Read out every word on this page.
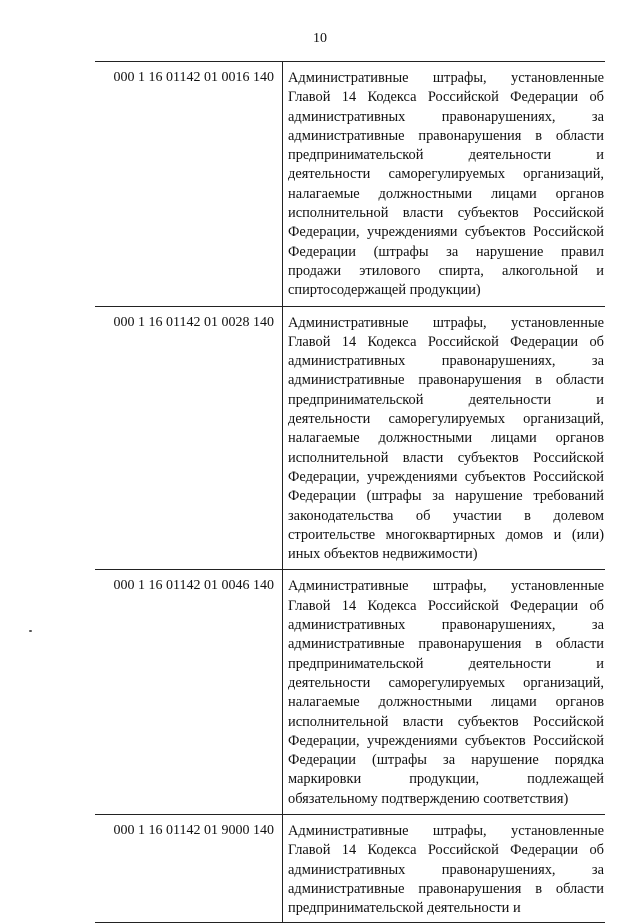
10
000 1 16 01142 01 0016 140 Административные штрафы, установленные Главой 14 Кодекса Российской Федерации об административных правонарушениях, за административные правонарушения в области предпринимательской деятельности и деятельности саморегулируемых организаций, налагаемые должностными лицами органов исполнительной власти субъектов Российской Федерации, учреждениями субъектов Российской Федерации (штрафы за нарушение правил продажи этилового спирта, алкогольной и спиртосодержащей продукции)
000 1 16 01142 01 0028 140 Административные штрафы, установленные Главой 14 Кодекса Российской Федерации об административных правонарушениях, за административные правонарушения в области предпринимательской деятельности и деятельности саморегулируемых организаций, налагаемые должностными лицами органов исполнительной власти субъектов Российской Федерации, учреждениями субъектов Российской Федерации (штрафы за нарушение требований законодательства об участии в долевом строительстве многоквартирных домов и (или) иных объектов недвижимости)
000 1 16 01142 01 0046 140 Административные штрафы, установленные Главой 14 Кодекса Российской Федерации об административных правонарушениях, за административные правонарушения в области предпринимательской деятельности и деятельности саморегулируемых организаций, налагаемые должностными лицами органов исполнительной власти субъектов Российской Федерации, учреждениями субъектов Российской Федерации (штрафы за нарушение порядка маркировки продукции, подлежащей обязательному подтверждению соответствия)
000 1 16 01142 01 9000 140 Административные штрафы, установленные Главой 14 Кодекса Российской Федерации об административных правонарушениях, за административные правонарушения в области предпринимательской деятельности и
